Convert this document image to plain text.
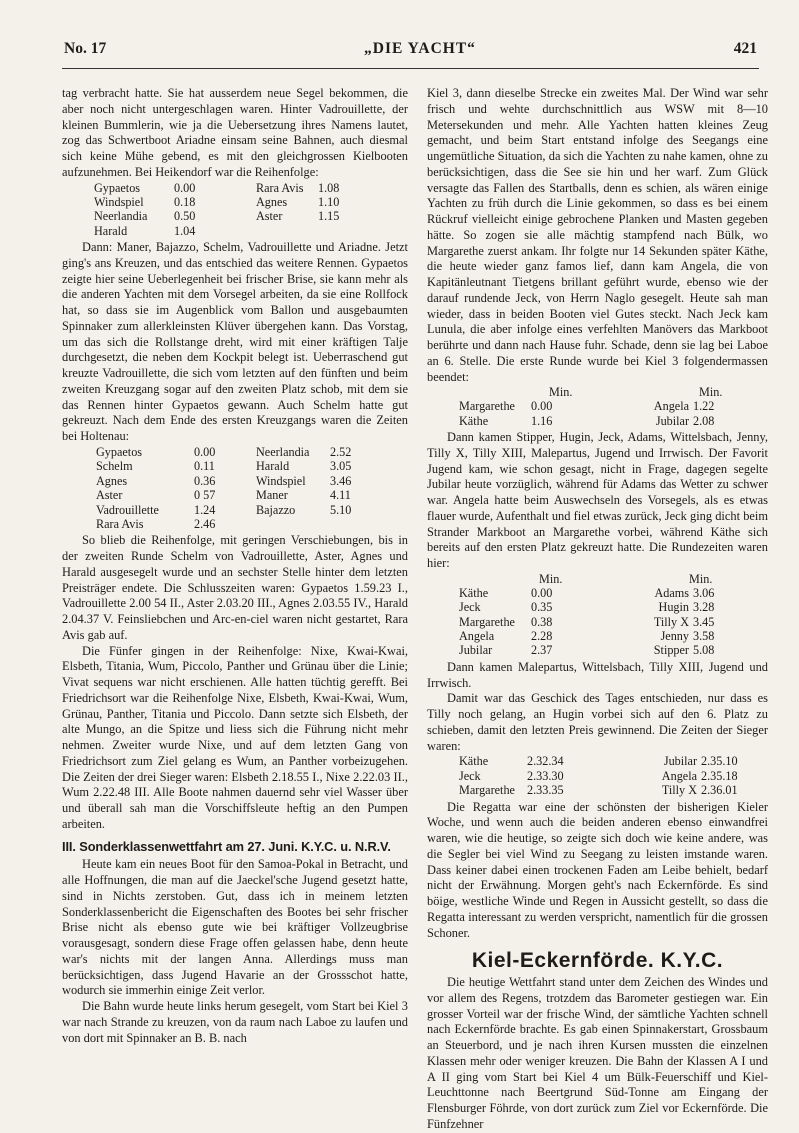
No. 17	„DIE YACHT“	421

tag verbracht hatte. Sie hat ausserdem neue Segel bekommen, die aber noch nicht untergeschlagen waren. Hinter Vadrouillette, der kleinen Bummlerin, wie ja die Uebersetzung ihres Namens lautet, zog das Schwertboot Ariadne einsam seine Bahnen, auch diesmal sich keine Mühe gebend, es mit den gleichgrossen Kielbooten aufzunehmen. Bei Heikendorf war die Reihenfolge:

Gypaetos	0.00	Rara Avis	1.08
Windspiel	0.18	Agnes	1.10
Neerlandia	0.50	Aster	1.15
Harald	1.04		

Dann: Maner, Bajazzo, Schelm, Vadrouillette und Ariadne. Jetzt ging's ans Kreuzen, und das entschied das weitere Rennen. Gypaetos zeigte hier seine Ueberlegenheit bei frischer Brise, sie kann mehr als die anderen Yachten mit dem Vorsegel arbeiten, da sie eine Rollfock hat, so dass sie im Augenblick vom Ballon und ausgebaumten Spinnaker zum allerkleinsten Klüver übergehen kann. Das Vorstag, um das sich die Rollstange dreht, wird mit einer kräftigen Talje durchgesetzt, die neben dem Kockpit belegt ist. Ueberraschend gut kreuzte Vadrouillette, die sich vom letzten auf den fünften und beim zweiten Kreuzgang sogar auf den zweiten Platz schob, mit dem sie das Rennen hinter Gypaetos gewann. Auch Schelm hatte gut gekreuzt. Nach dem Ende des ersten Kreuzgangs waren die Zeiten bei Holtenau:

Gypaetos	0.00	Neerlandia	2.52
Schelm	0.11	Harald	3.05
Agnes	0.36	Windspiel	3.46
Aster	0 57	Maner	4.11
Vadrouillette	1.24	Bajazzo	5.10
Rara Avis	2.46		

So blieb die Reihenfolge, mit geringen Verschiebungen, bis in der zweiten Runde Schelm von Vadrouillette, Aster, Agnes und Harald ausgesegelt wurde und an sechster Stelle hinter dem letzten Preisträger endete. Die Schlusszeiten waren: Gypaetos 1.59.23 I., Vadrouillette 2.00 54 II., Aster 2.03.20 III., Agnes 2.03.55 IV., Harald 2.04.37 V. Feinsliebchen und Arc-en-ciel waren nicht gestartet, Rara Avis gab auf.

Die Fünfer gingen in der Reihenfolge: Nixe, Kwai-Kwai, Elsbeth, Titania, Wum, Piccolo, Panther und Grünau über die Linie; Vivat sequens war nicht erschienen. Alle hatten tüchtig gerefft. Bei Friedrichsort war die Reihenfolge Nixe, Elsbeth, Kwai-Kwai, Wum, Grünau, Panther, Titania und Piccolo. Dann setzte sich Elsbeth, der alte Mungo, an die Spitze und liess sich die Führung nicht mehr nehmen. Zweiter wurde Nixe, und auf dem letzten Gang von Friedrichsort zum Ziel gelang es Wum, an Panther vorbeizugehen. Die Zeiten der drei Sieger waren: Elsbeth 2.18.55 I., Nixe 2.22.03 II., Wum 2.22.48 III. Alle Boote nahmen dauernd sehr viel Wasser über und überall sah man die Vorschiffsleute heftig an den Pumpen arbeiten.

III. Sonderklassenwettfahrt am 27. Juni. K.Y.C. u. N.R.V.

Heute kam ein neues Boot für den Samoa-Pokal in Betracht, und alle Hoffnungen, die man auf die Jaeckel'sche Jugend gesetzt hatte, sind in Nichts zerstoben. Gut, dass ich in meinem letzten Sonderklassenbericht die Eigenschaften des Bootes bei sehr frischer Brise nicht als ebenso gute wie bei kräftiger Vollzeugbrise vorausgesagt, sondern diese Frage offen gelassen habe, denn heute war's nichts mit der langen Anna. Allerdings muss man berücksichtigen, dass Jugend Havarie an der Grossschot hatte, wodurch sie immerhin einige Zeit verlor.

Die Bahn wurde heute links herum gesegelt, vom Start bei Kiel 3 war nach Strande zu kreuzen, von da raum nach Laboe zu laufen und von dort mit Spinnaker an B. B. nach

Kiel 3, dann dieselbe Strecke ein zweites Mal. Der Wind war sehr frisch und wehte durchschnittlich aus WSW mit 8—10 Metersekunden und mehr. Alle Yachten hatten kleines Zeug gemacht, und beim Start entstand infolge des Seegangs eine ungemütliche Situation, da sich die Yachten zu nahe kamen, ohne zu berücksichtigen, dass die See sie hin und her warf. Zum Glück versagte das Fallen des Startballs, denn es schien, als wären einige Yachten zu früh durch die Linie gekommen, so dass es bei einem Rückruf vielleicht einige gebrochene Planken und Masten gegeben hätte. So zogen sie alle mächtig stampfend nach Bülk, wo Margarethe zuerst ankam. Ihr folgte nur 14 Sekunden später Käthe, die heute wieder ganz famos lief, dann kam Angela, die von Kapitänleutnant Tietgens brillant geführt wurde, ebenso wie der darauf rundende Jeck, von Herrn Naglo gesegelt. Heute sah man wieder, dass in beiden Booten viel Gutes steckt. Nach Jeck kam Lunula, die aber infolge eines verfehlten Manövers das Markboot berührte und dann nach Hause fuhr. Schade, denn sie lag bei Laboe an 6. Stelle. Die erste Runde wurde bei Kiel 3 folgendermassen beendet:

Min.	Min.
Margarethe	0.00	Angela	1.22
Käthe	1.16	Jubilar	2.08

Dann kamen Stipper, Hugin, Jeck, Adams, Wittelsbach, Jenny, Tilly X, Tilly XIII, Malepartus, Jugend und Irrwisch. Der Favorit Jugend kam, wie schon gesagt, nicht in Frage, dagegen segelte Jubilar heute vorzüglich, während für Adams das Wetter zu schwer war. Angela hatte beim Auswechseln des Vorsegels, als es etwas flauer wurde, Aufenthalt und fiel etwas zurück, Jeck ging dicht beim Strander Markboot an Margarethe vorbei, während Käthe sich bereits auf den ersten Platz gekreuzt hatte. Die Rundezeiten waren hier:

Min.	Min.
Käthe	0.00	Adams	3.06
Jeck	0.35	Hugin	3.28
Margarethe	0.38	Tilly X	3.45
Angela	2.28	Jenny	3.58
Jubilar	2.37	Stipper	5.08

Dann kamen Malepartus, Wittelsbach, Tilly XIII, Jugend und Irrwisch.

Damit war das Geschick des Tages entschieden, nur dass es Tilly noch gelang, an Hugin vorbei sich auf den 6. Platz zu schieben, damit den letzten Preis gewinnend. Die Zeiten der Sieger waren:

Käthe	2.32.34	Jubilar	2.35.10
Jeck	2.33.30	Angela	2.35.18
Margarethe	2.33.35	Tilly X	2.36.01

Die Regatta war eine der schönsten der bisherigen Kieler Woche, und wenn auch die beiden anderen ebenso einwandfrei waren, wie die heutige, so zeigte sich doch wie keine andere, was die Segler bei viel Wind zu Seegang zu leisten imstande waren. Dass keiner dabei einen trockenen Faden am Leibe behielt, bedarf nicht der Erwähnung. Morgen geht's nach Eckernförde. Es sind böige, westliche Winde und Regen in Aussicht gestellt, so dass die Regatta interessant zu werden verspricht, namentlich für die grossen Schoner.

Kiel-Eckernförde. K.Y.C.

Die heutige Wettfahrt stand unter dem Zeichen des Windes und vor allem des Regens, trotzdem das Barometer gestiegen war. Ein grosser Vorteil war der frische Wind, der sämtliche Yachten schnell nach Eckernförde brachte. Es gab einen Spinnakerstart, Grossbaum an Steuerbord, und je nach ihren Kursen mussten die einzelnen Klassen mehr oder weniger kreuzen. Die Bahn der Klassen A I und A II ging vom Start bei Kiel 4 um Bülk-Feuerschiff und Kiel-Leuchttonne nach Beertgrund Süd-Tonne am Eingang der Flensburger Föhrde, von dort zurück zum Ziel vor Eckernförde. Die Fünfzehner
